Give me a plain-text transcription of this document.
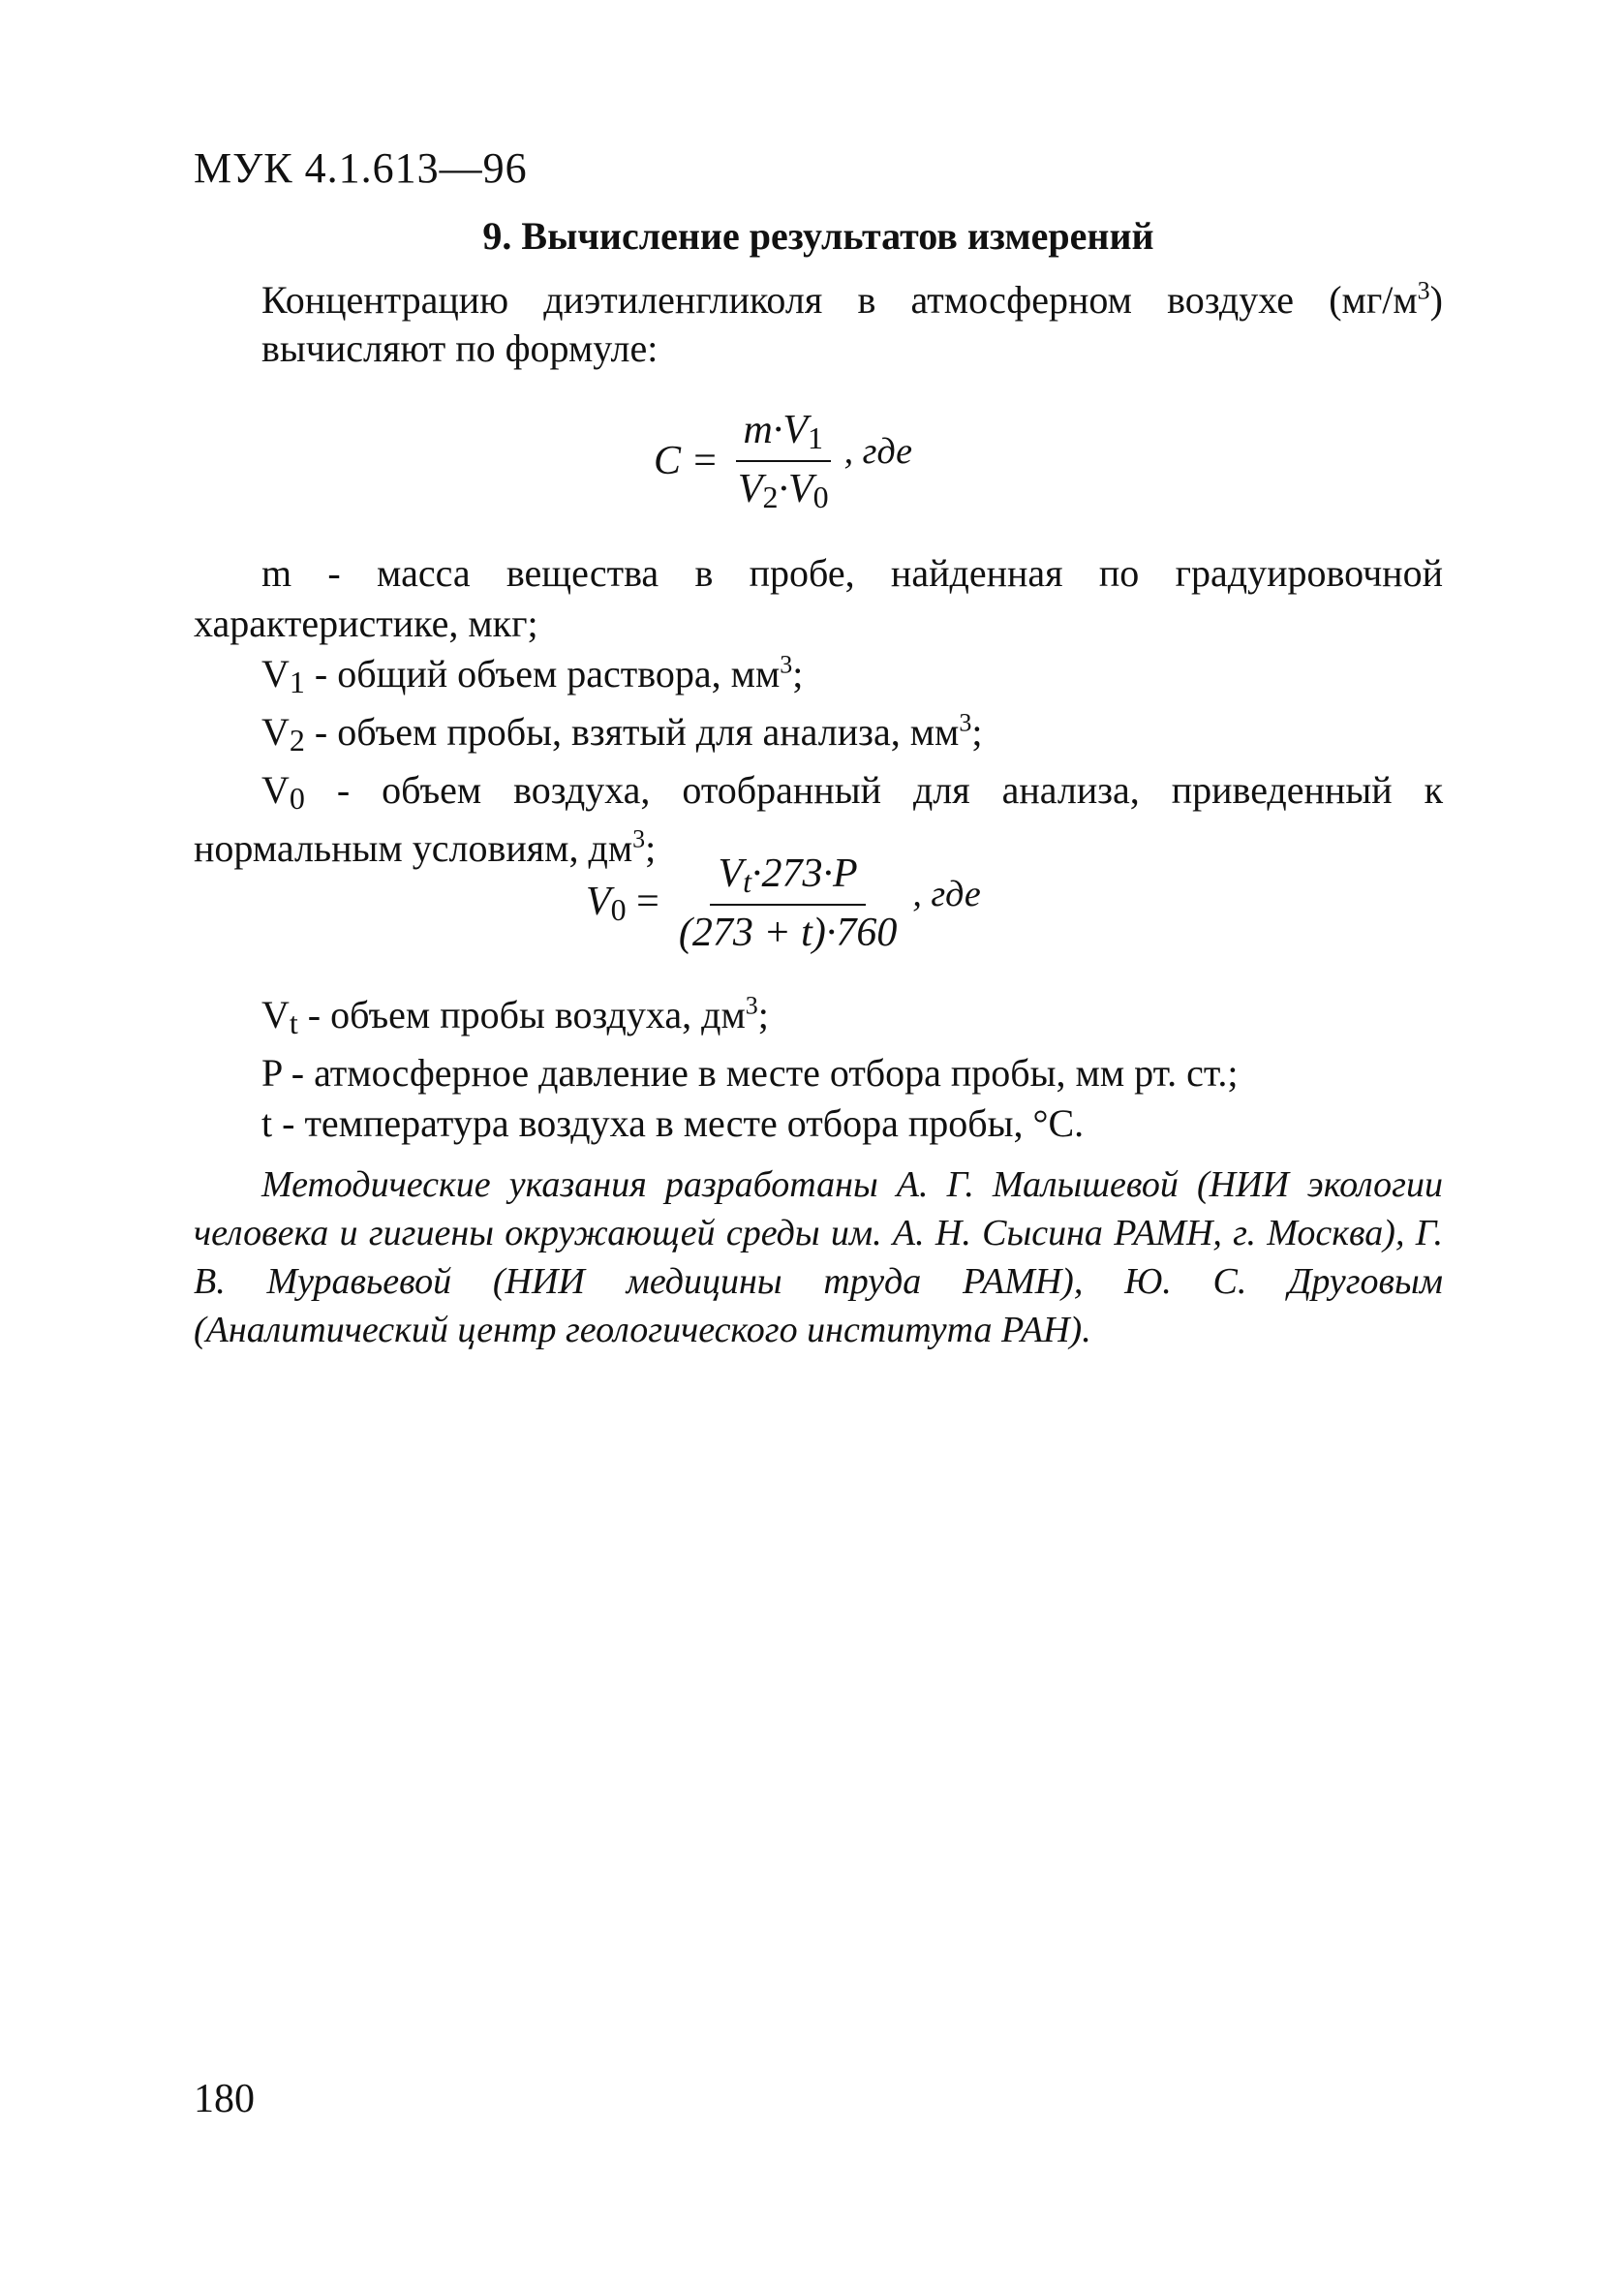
МУК 4.1.613—96
9. Вычисление результатов измерений
Концентрацию диэтиленгликоля в атмосферном воздухе $(мг/м^3)$ вычисляют по формуле:
$C = \frac{m\cdot V1}{V2\cdot V0}$ , где
m - масса вещества в пробе, найденная по градуировочной характеристике, мкг;
V1 - общий объем раствора, $мм^3$;
V2 - объем пробы, взятый для анализа, $мм^3$;
V0 - объем воздуха, отобранный для анализа, приведенный к нормальным условиям, $дм^3$;
$V0 = \frac{Vt\cdot 273\cdot P}{(273 + t)\cdot 760}$ , где
Vt - объем пробы воздуха, $дм^3$;
P - атмосферное давление в месте отбора пробы, мм рт. ст.;
t - температура воздуха в месте отбора пробы, °С.
Методические указания разработаны А. Г. Малышевой (НИИ экологии человека и гигиены окружающей среды им. А. Н. Сысина РАМН, г. Москва), Г. В. Муравьевой (НИИ медицины труда РАМН), Ю. С. Друговым (Аналитический центр геологического института РАН).
180
